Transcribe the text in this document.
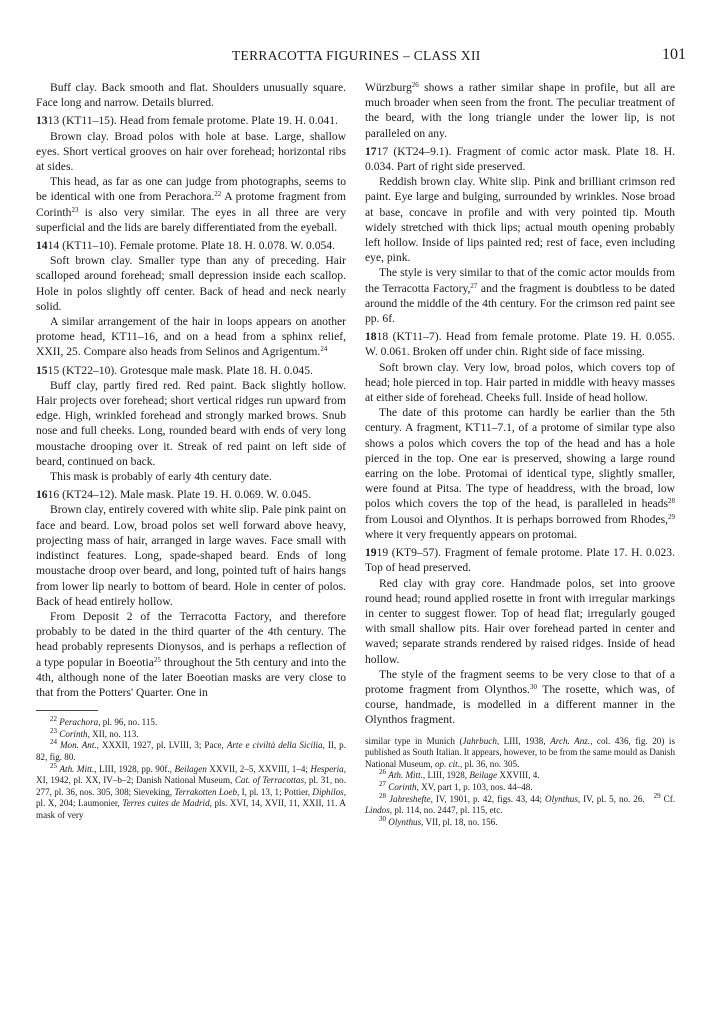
TERRACOTTA FIGURINES – CLASS XII	101

Buff clay. Back smooth and flat. Shoulders unusually square. Face long and narrow. Details blurred.

1313 (KT11–15). Head from female protome. Plate 19. H. 0.041.

Brown clay. Broad polos with hole at base. Large, shallow eyes. Short vertical grooves on hair over forehead; horizontal ribs at sides.

This head, as far as one can judge from photographs, seems to be identical with one from Perachora.$^{22}$ A protome fragment from Corinth$^{23}$ is also very similar. The eyes in all three are very superficial and the lids are barely differentiated from the eyeball.

1414 (KT11–10). Female protome. Plate 18. H. 0.078. W. 0.054.

Soft brown clay. Smaller type than any of preceding. Hair scalloped around forehead; small depression inside each scallop. Hole in polos slightly off center. Back of head and neck nearly solid.

A similar arrangement of the hair in loops appears on another protome head, KT11–16, and on a head from a sphinx relief, XXII, 25. Compare also heads from Selinos and Agrigentum.$^{24}$

1515 (KT22–10). Grotesque male mask. Plate 18. H. 0.045.

Buff clay, partly fired red. Red paint. Back slightly hollow. Hair projects over forehead; short vertical ridges run upward from edge. High, wrinkled forehead and strongly marked brows. Snub nose and full cheeks. Long, rounded beard with ends of very long moustache drooping over it. Streak of red paint on left side of beard, continued on back.

This mask is probably of early 4th century date.

1616 (KT24–12). Male mask. Plate 19. H. 0.069. W. 0.045.

Brown clay, entirely covered with white slip. Pale pink paint on face and beard. Low, broad polos set well forward above heavy, projecting mass of hair, arranged in large waves. Face small with indistinct features. Long, spade-shaped beard. Ends of long moustache droop over beard, and long, pointed tuft of hairs hangs from lower lip nearly to bottom of beard. Hole in center of polos. Back of head entirely hollow.

From Deposit 2 of the Terracotta Factory, and therefore probably to be dated in the third quarter of the 4th century. The head probably represents Dionysos, and is perhaps a reflection of a type popular in Boeotia$^{25}$ throughout the 5th century and into the 4th, although none of the later Boeotian masks are very close to that from the Potters' Quarter. One in

$^{22}$ Perachora, pl. 96, no. 115.

$^{23}$ Corinth, XII, no. 113.

$^{24}$ Mon. Ant., XXXII, 1927, pl. LVIII, 3; Pace, Arte e civiltà della Sicilia, II, p. 82, fig. 80.

$^{25}$ Ath. Mitt., LIII, 1928, pp. 90f., Beilagen XXVII, 2–5, XXVIII, 1–4; Hesperia, XI, 1942, pl. XX, IV–b–2; Danish National Museum, Cat. of Terracottas, pl. 31, no. 277, pl. 36, nos. 305, 308; Sieveking, Terrakotten Loeb, I, pl. 13, 1; Pottier, Diphilos, pl. X, 204; Laumonier, Terres cuites de Madrid, pls. XVI, 14, XVII, 11, XXII, 11. A mask of very

Würzburg$^{26}$ shows a rather similar shape in profile, but all are much broader when seen from the front. The peculiar treatment of the beard, with the long triangle under the lower lip, is not paralleled on any.

1717 (KT24–9.1). Fragment of comic actor mask. Plate 18. H. 0.034. Part of right side preserved.

Reddish brown clay. White slip. Pink and brilliant crimson red paint. Eye large and bulging, surrounded by wrinkles. Nose broad at base, concave in profile and with very pointed tip. Mouth widely stretched with thick lips; actual mouth opening probably left hollow. Inside of lips painted red; rest of face, even including eye, pink.

The style is very similar to that of the comic actor moulds from the Terracotta Factory,$^{27}$ and the fragment is doubtless to be dated around the middle of the 4th century. For the crimson red paint see pp. 6f.

1818 (KT11–7). Head from female protome. Plate 19. H. 0.055. W. 0.061. Broken off under chin. Right side of face missing.

Soft brown clay. Very low, broad polos, which covers top of head; hole pierced in top. Hair parted in middle with heavy masses at either side of forehead. Cheeks full. Inside of head hollow.

The date of this protome can hardly be earlier than the 5th century. A fragment, KT11–7.1, of a protome of similar type also shows a polos which covers the top of the head and has a hole pierced in the top. One ear is preserved, showing a large round earring on the lobe. Protomai of identical type, slightly smaller, were found at Pitsa. The type of headdress, with the broad, low polos which covers the top of the head, is paralleled in heads$^{28}$ from Lousoi and Olynthos. It is perhaps borrowed from Rhodes,$^{29}$ where it very frequently appears on protomai.

1919 (KT9–57). Fragment of female protome. Plate 17. H. 0.023. Top of head preserved.

Red clay with gray core. Handmade polos, set into groove round head; round applied rosette in front with irregular markings in center to suggest flower. Top of head flat; irregularly gouged with small shallow pits. Hair over forehead parted in center and waved; separate strands rendered by raised ridges. Inside of head hollow.

The style of the fragment seems to be very close to that of a protome fragment from Olynthos.$^{30}$ The rosette, which was, of course, handmade, is modelled in a different manner in the Olynthos fragment.

similar type in Munich (Jahrbuch, LIII, 1938, Arch. Anz., col. 436, fig. 20) is published as South Italian. It appears, however, to be from the same mould as Danish National Museum, op. cit., pl. 36, no. 305.

$^{26}$ Ath. Mitt., LIII, 1928, Beilage XXVIII, 4.

$^{27}$ Corinth, XV, part 1, p. 103, nos. 44–48.

$^{28}$ Jahreshefte, IV, 1901, p. 42, figs. 43, 44; Olynthus, IV, pl. 5, no. 26. $^{29}$ Cf. Lindos, pl. 114, no. 2447, pl. 115, etc.

$^{30}$ Olynthus, VII, pl. 18, no. 156.
